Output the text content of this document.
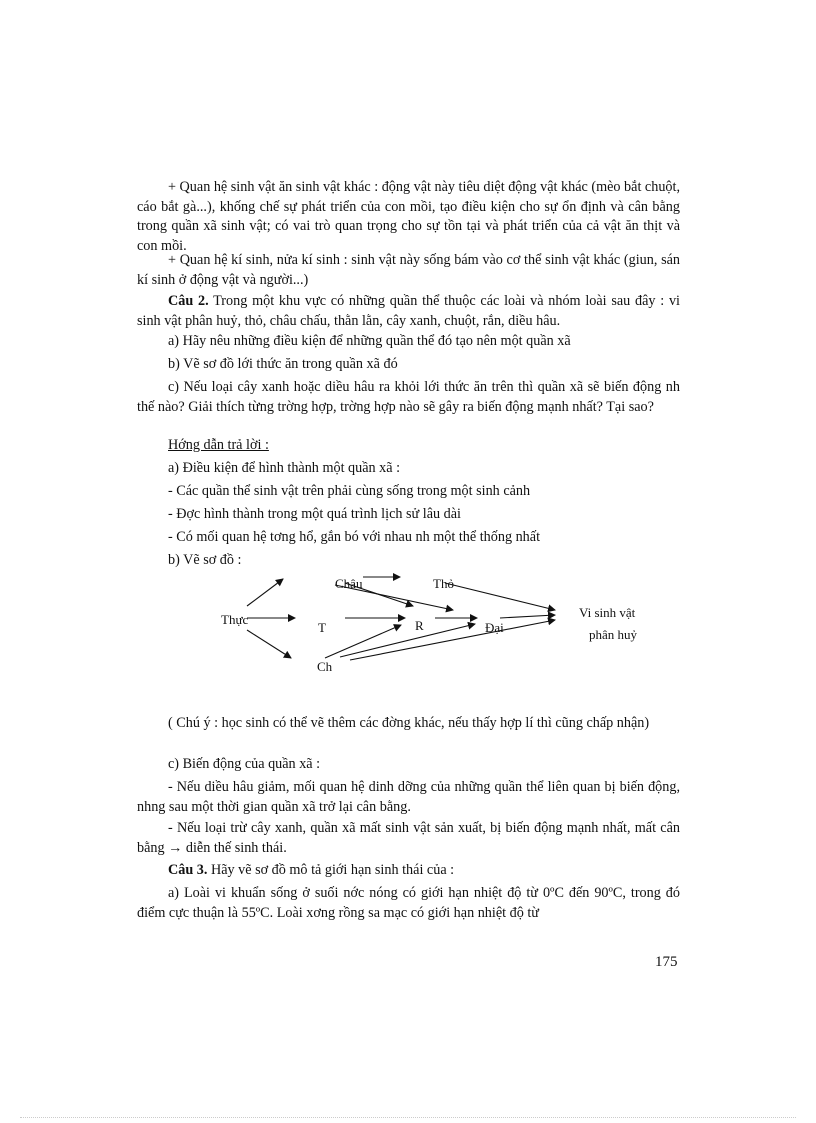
+ Quan hệ sinh vật ăn sinh vật khác : động vật này tiêu diệt động vật khác (mèo bắt chuột, cáo bắt gà...), khống chế sự phát triển của con mồi, tạo điều kiện cho sự ổn định và cân bằng trong quần xã sinh vật; có vai trò quan trọng cho sự tồn tại và phát triển của cả vật ăn thịt và con mồi.

+ Quan hệ kí sinh, nửa kí sinh : sinh vật này sống bám vào cơ thể sinh vật khác (giun, sán kí sinh ở động vật và người...)

Câu 2. Trong một khu vực có những quần thể thuộc các loài và nhóm loài sau đây : vi sinh vật phân huỷ, thỏ, châu chấu, thằn lằn, cây xanh, chuột, rắn, diều hâu.

a) Hãy nêu những điều kiện để những quần thể đó tạo nên một quần xã

b) Vẽ sơ đồ lới thức ăn trong quần xã đó

c) Nếu loại cây xanh hoặc diều hâu ra khỏi lới thức ăn trên thì quần xã sẽ biến động nh thế nào? Giải thích từng trờng hợp, trờng hợp nào sẽ gây ra biến động mạnh nhất? Tại sao?

Hớng dẫn trả lời :

a) Điều kiện để hình thành một quần xã :

- Các quần thể sinh vật trên phải cùng sống trong một sinh cảnh

- Đợc hình thành trong một quá trình lịch sử lâu dài

- Có mối quan hệ tơng hổ, gắn bó với nhau nh một thể thống nhất

b) Vẽ sơ đồ :

Thực
Châu	Thỏ
T	R	Đại
Ch
Vi sinh vật
phân huỷ

( Chú ý : học sinh có thể vẽ thêm các đờng khác, nếu thấy hợp lí thì cũng chấp nhận)

c) Biến động của quần xã :

- Nếu diều hâu giảm, mối quan hệ dinh dỡng của những quần thể liên quan bị biến động, nhng sau một thời gian quần xã trở lại cân bằng.

- Nếu loại trừ cây xanh, quần xã mất sinh vật sản xuất, bị biến động mạnh nhất, mất cân bằng → diễn thế sinh thái.

Câu 3. Hãy vẽ sơ đồ mô tả giới hạn sinh thái của :

a) Loài vi khuẩn sống ở suối nớc nóng có giới hạn nhiệt độ từ 0ºC đến 90ºC, trong đó điểm cực thuận là 55ºC. Loài xơng rồng sa mạc có giới hạn nhiệt độ từ

175
